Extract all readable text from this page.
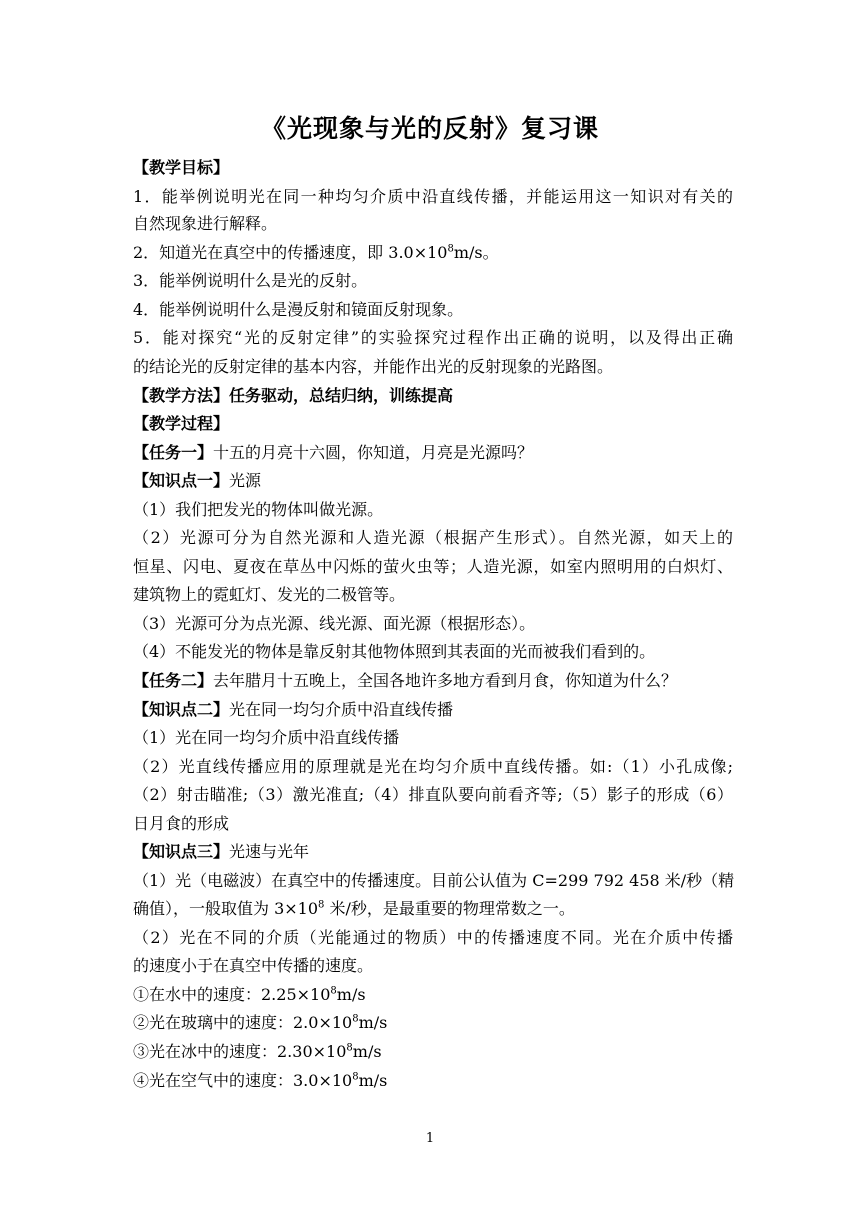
《光现象与光的反射》复习课
【教学目标】
1．能举例说明光在同一种均匀介质中沿直线传播，并能运用这一知识对有关的
自然现象进行解释。
2．知道光在真空中的传播速度，即 $3.0\times 10^8m/s$。
3．能举例说明什么是光的反射。
4．能举例说明什么是漫反射和镜面反射现象。
5．能对探究“光的反射定律”的实验探究过程作出正确的说明，以及得出正确
的结论光的反射定律的基本内容，并能作出光的反射现象的光路图。
【教学方法】任务驱动，总结归纳，训练提高
【教学过程】
【任务一】十五的月亮十六圆，你知道，月亮是光源吗？
【知识点一】光源
（1）我们把发光的物体叫做光源。
（2）光源可分为自然光源和人造光源（根据产生形式）。自然光源，如天上的
恒星、闪电、夏夜在草丛中闪烁的萤火虫等；人造光源，如室内照明用的白炽灯、
建筑物上的霓虹灯、发光的二极管等。
（3）光源可分为点光源、线光源、面光源（根据形态）。
（4）不能发光的物体是靠反射其他物体照到其表面的光而被我们看到的。
【任务二】去年腊月十五晚上，全国各地许多地方看到月食，你知道为什么？
【知识点二】光在同一均匀介质中沿直线传播
（1）光在同一均匀介质中沿直线传播
（2）光直线传播应用的原理就是光在均匀介质中直线传播。如:（1）小孔成像;
（2）射击瞄准;（3）激光准直;（4）排直队要向前看齐等;（5）影子的形成（6）
日月食的形成
【知识点三】光速与光年
（1）光（电磁波）在真空中的传播速度。目前公认值为 C=299 792 458 米/秒（精
确值），一般取值为 $3\times 10^8$ 米/秒，是最重要的物理常数之一。
（2）光在不同的介质（光能通过的物质）中的传播速度不同。光在介质中传播
的速度小于在真空中传播的速度。
①在水中的速度：$2.25\times 10^8m/s$
②光在玻璃中的速度：$2.0\times 10^8m/s$
③光在冰中的速度：$2.30\times 10^8m/s$
④光在空气中的速度：$3.0\times 10^8m/s$
1
